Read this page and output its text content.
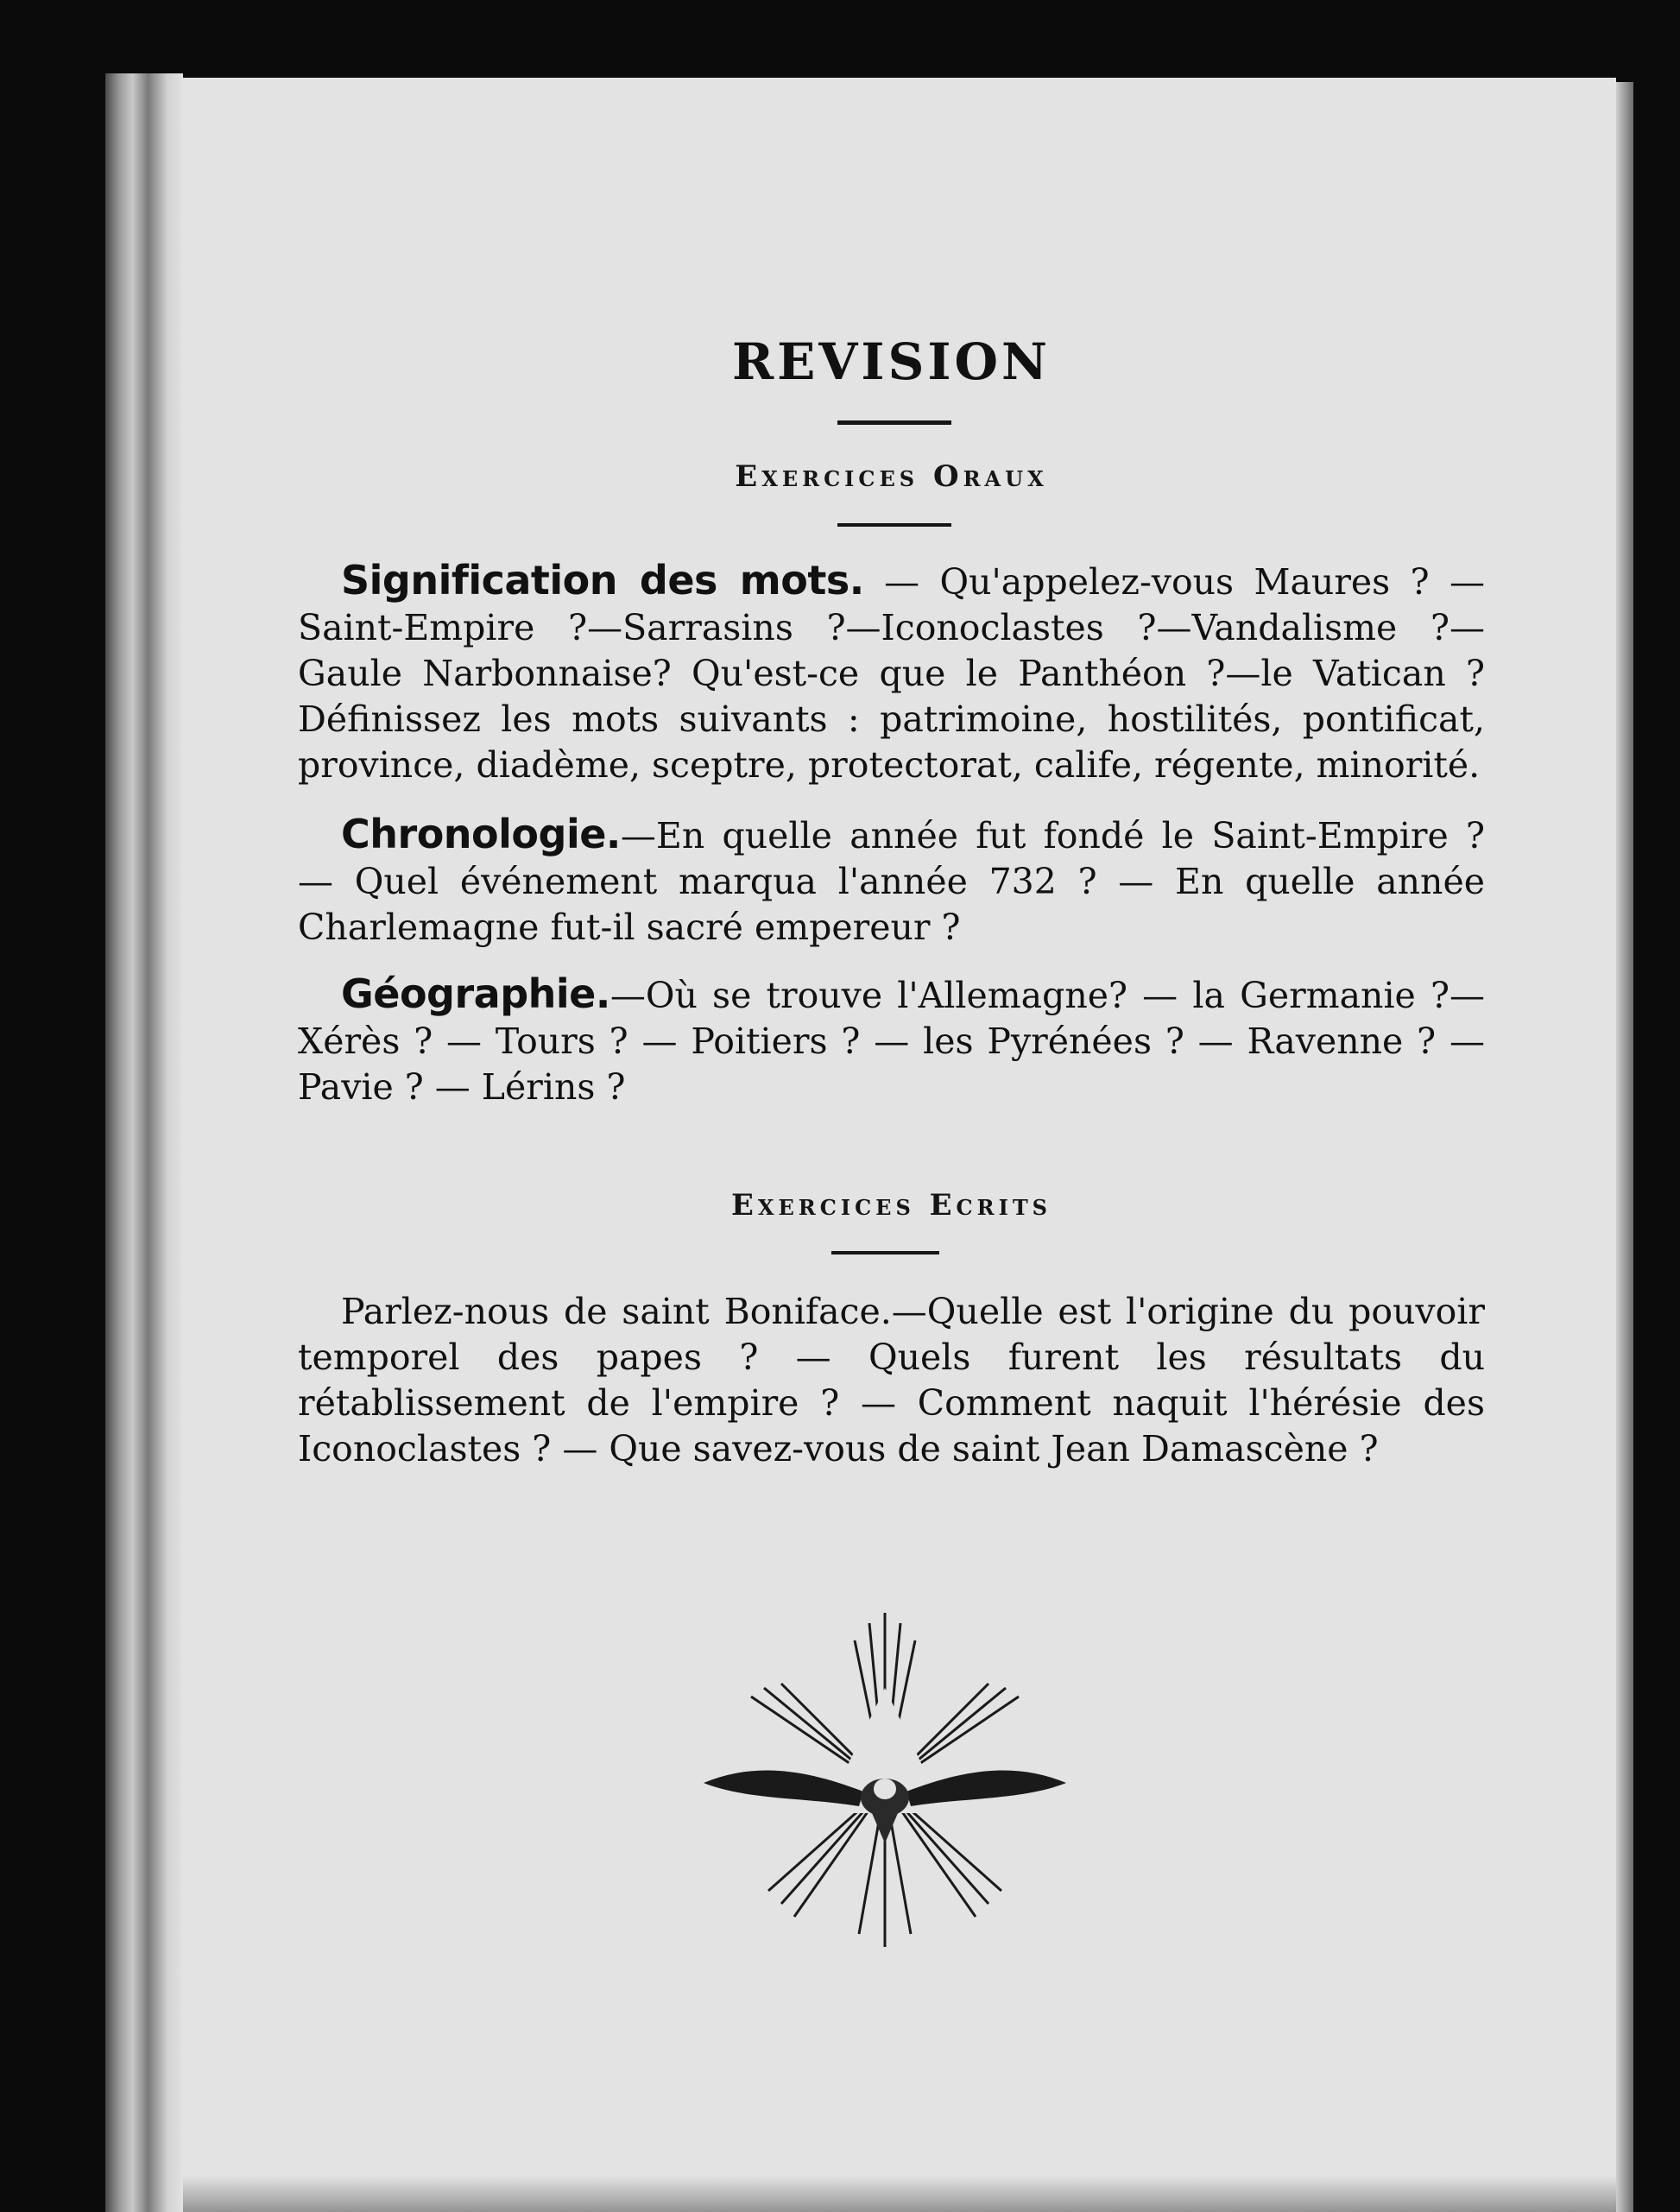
REVISION
Exercices Oraux

Signification des mots. — Qu'appelez-vous Maures ? — Saint-Empire ?—Sarrasins ?—Iconoclastes ?—Vandalisme ?—Gaule Narbonnaise? Qu'est-ce que le Panthéon ?—le Vatican ? Définissez les mots suivants : patrimoine, hostilités, pontificat, province, diadème, sceptre, protectorat, calife, régente, minorité.

Chronologie.—En quelle année fut fondé le Saint-Empire ? — Quel événement marqua l'année 732 ? — En quelle année Charlemagne fut-il sacré empereur ?

Géographie.—Où se trouve l'Allemagne? — la Germanie ?— Xérès ? — Tours ? — Poitiers ? — les Pyrénées ? — Ravenne ? — Pavie ? — Lérins ?

Exercices Ecrits

Parlez-nous de saint Boniface.—Quelle est l'origine du pouvoir temporel des papes ? — Quels furent les résultats du rétablissement de l'empire ? — Comment naquit l'hérésie des Iconoclastes ? — Que savez-vous de saint Jean Damascène ?
